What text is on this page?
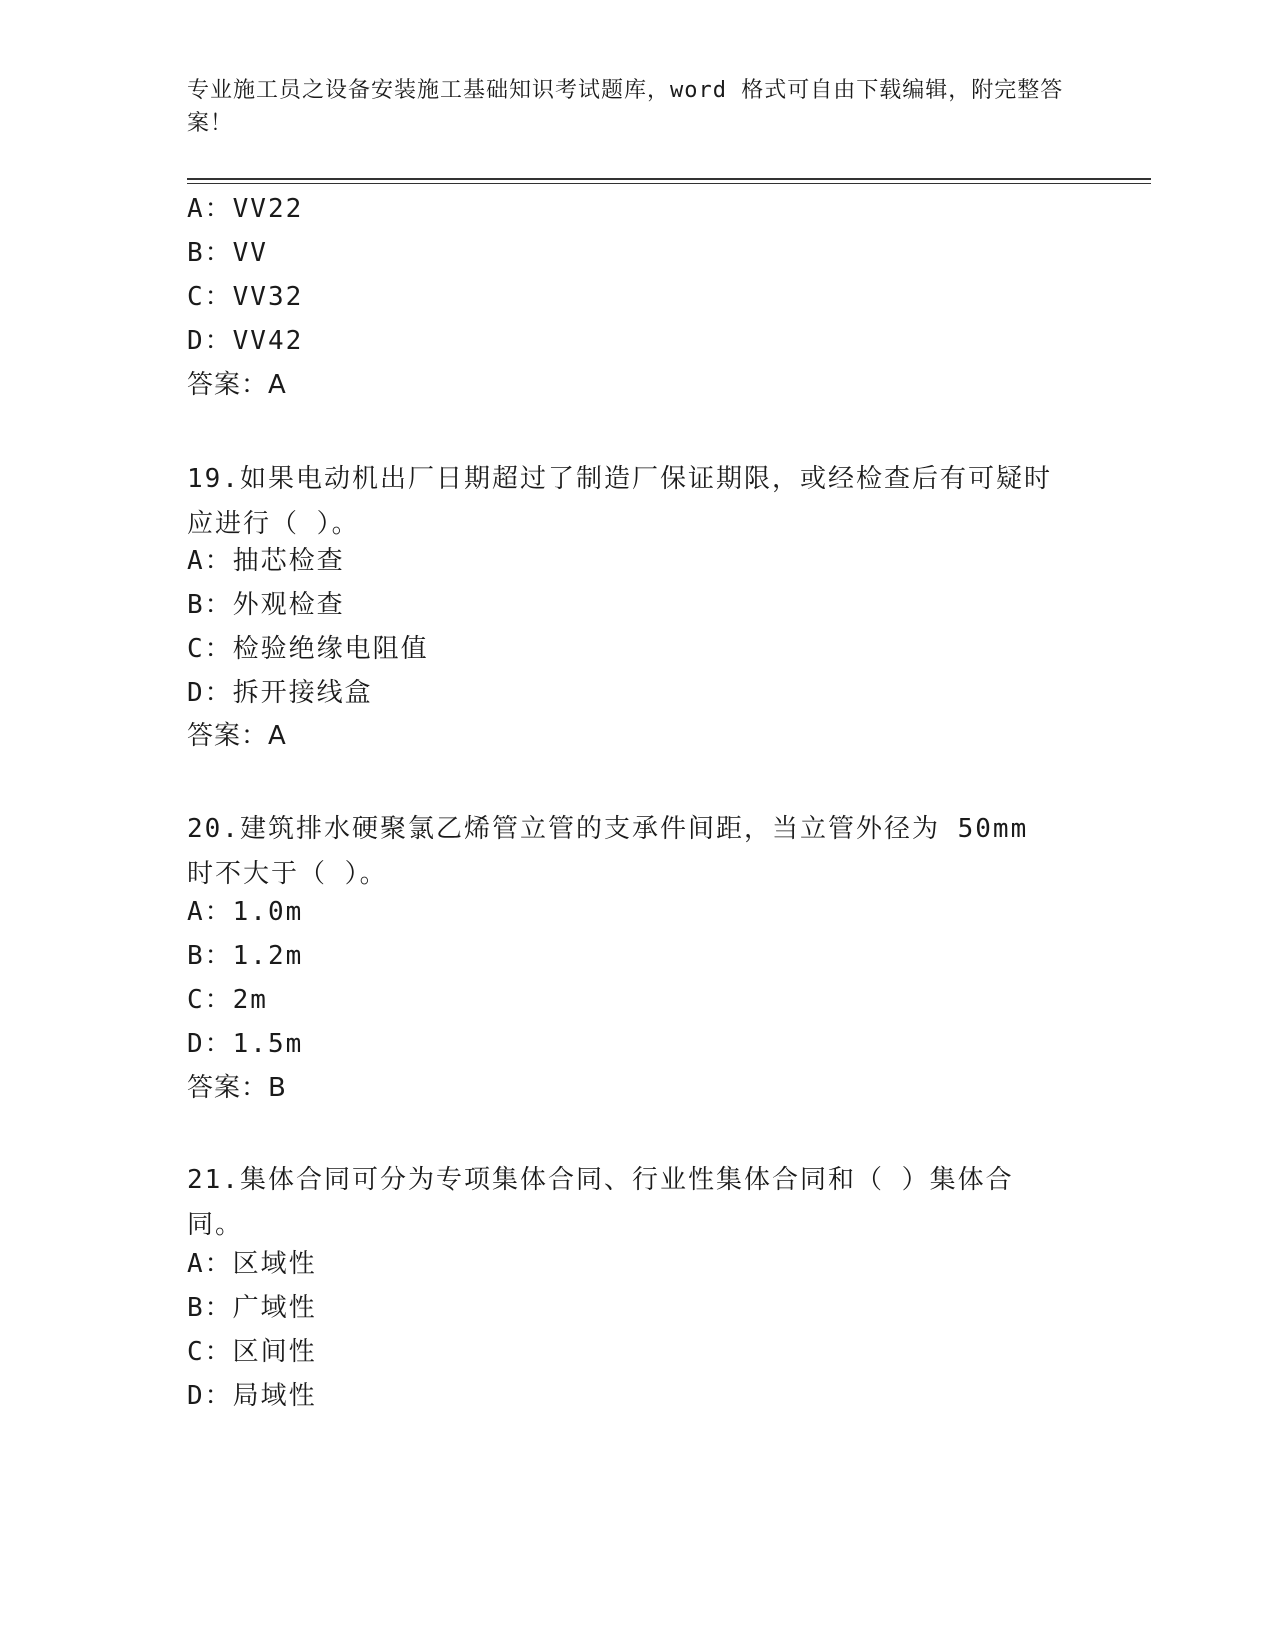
专业施工员之设备安装施工基础知识考试题库，word 格式可自由下载编辑，附完整答案！
A：VV22
B：VV
C：VV32
D：VV42
答案：A
19.如果电动机出厂日期超过了制造厂保证期限，或经检查后有可疑时应进行（ ）。
A：抽芯检查
B：外观检查
C：检验绝缘电阻值
D：拆开接线盒
答案：A
20.建筑排水硬聚氯乙烯管立管的支承件间距，当立管外径为 50mm 时不大于（ ）。
A：1.0m
B：1.2m
C：2m
D：1.5m
答案：B
21.集体合同可分为专项集体合同、行业性集体合同和（ ）集体合同。
A：区域性
B：广域性
C：区间性
D：局域性
